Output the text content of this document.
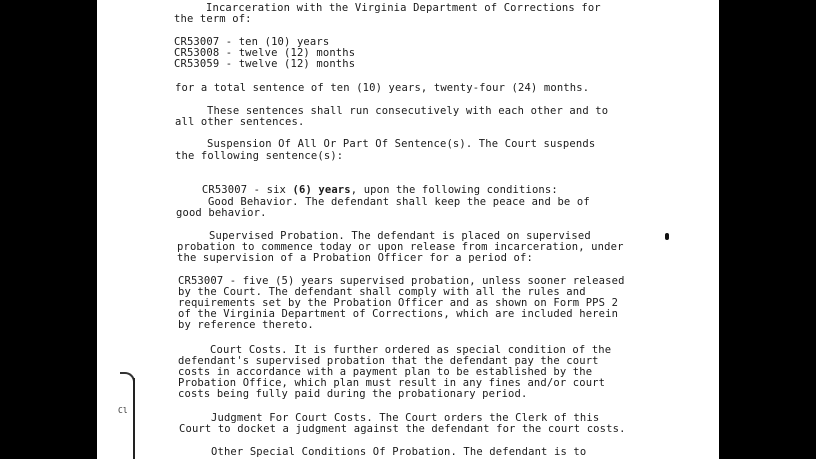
Incarceration with the Virginia Department of Corrections for
the term of:
CR53007 - ten (10) years
CR53008 - twelve (12) months
CR53059 - twelve (12) months
for a total sentence of ten (10) years, twenty-four (24) months.
These sentences shall run consecutively with each other and to
all other sentences.
Suspension Of All Or Part Of Sentence(s). The Court suspends
the following sentence(s):

CR53007 - six (6) years, upon the following conditions:

Good Behavior. The defendant shall keep the peace and be of
good behavior.
Supervised Probation. The defendant is placed on supervised
probation to commence today or upon release from incarceration, under
the supervision of a Probation Officer for a period of:
CR53007 - five (5) years supervised probation, unless sooner released
by the Court. The defendant shall comply with all the rules and
requirements set by the Probation Officer and as shown on Form PPS 2
of the Virginia Department of Corrections, which are included herein
by reference thereto.
Court Costs. It is further ordered as special condition of the
defendant's supervised probation that the defendant pay the court
costs in accordance with a payment plan to be established by the
Probation Office, which plan must result in any fines and/or court
costs being fully paid during the probationary period.
Judgment For Court Costs. The Court orders the Clerk of this
Court to docket a judgment against the defendant for the court costs.
Other Special Conditions Of Probation. The defendant is to
Cl
